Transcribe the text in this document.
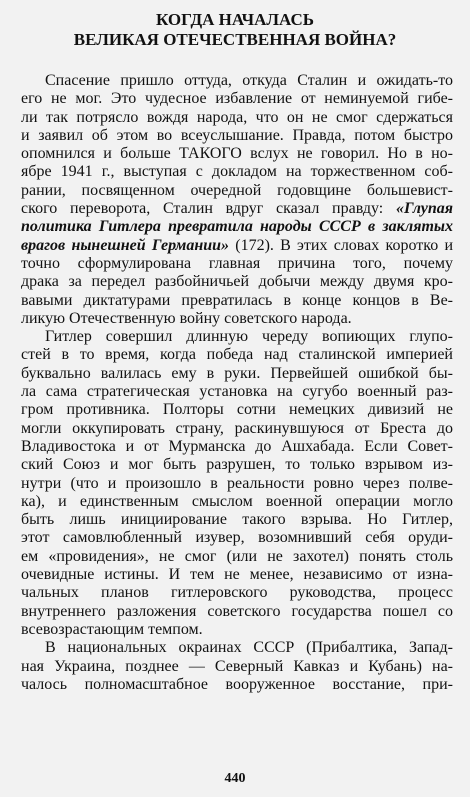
КОГДА НАЧАЛАСЬ
ВЕЛИКАЯ ОТЕЧЕСТВЕННАЯ ВОЙНА?
Спасение пришло оттуда, откуда Сталин и ожидать-то
его не мог. Это чудесное избавление от неминуемой гибе-
ли так потрясло вождя народа, что он не смог сдержаться
и заявил об этом во всеуслышание. Правда, потом быстро
опомнился и больше ТАКОГО вслух не говорил. Но в но-
ябре 1941 г., выступая с докладом на торжественном соб-
рании, посвященном очередной годовщине большевист-
ского переворота, Сталин вдруг сказал правду: «Глупая
политика Гитлера превратила народы СССР в заклятых
врагов нынешней Германии» (172). В этих словах коротко и
точно сформулирована главная причина того, почему
драка за передел разбойничьей добычи между двумя кро-
вавыми диктатурами превратилась в конце концов в Ве-
ликую Отечественную войну советского народа.
Гитлер совершил длинную череду вопиющих глупо-
стей в то время, когда победа над сталинской империей
буквально валилась ему в руки. Первейшей ошибкой бы-
ла сама стратегическая установка на сугубо военный раз-
гром противника. Полторы сотни немецких дивизий не
могли оккупировать страну, раскинувшуюся от Бреста до
Владивостока и от Мурманска до Ашхабада. Если Совет-
ский Союз и мог быть разрушен, то только взрывом из-
нутри (что и произошло в реальности ровно через полве-
ка), и единственным смыслом военной операции могло
быть лишь инициирование такого взрыва. Но Гитлер,
этот самовлюбленный изувер, возомнивший себя оруди-
ем «провидения», не смог (или не захотел) понять столь
очевидные истины. И тем не менее, независимо от изна-
чальных планов гитлеровского руководства, процесс
внутреннего разложения советского государства пошел со
всевозрастающим темпом.
В национальных окраинах СССР (Прибалтика, Запад-
ная Украина, позднее — Северный Кавказ и Кубань) на-
чалось полномасштабное вооруженное восстание, при-
440
